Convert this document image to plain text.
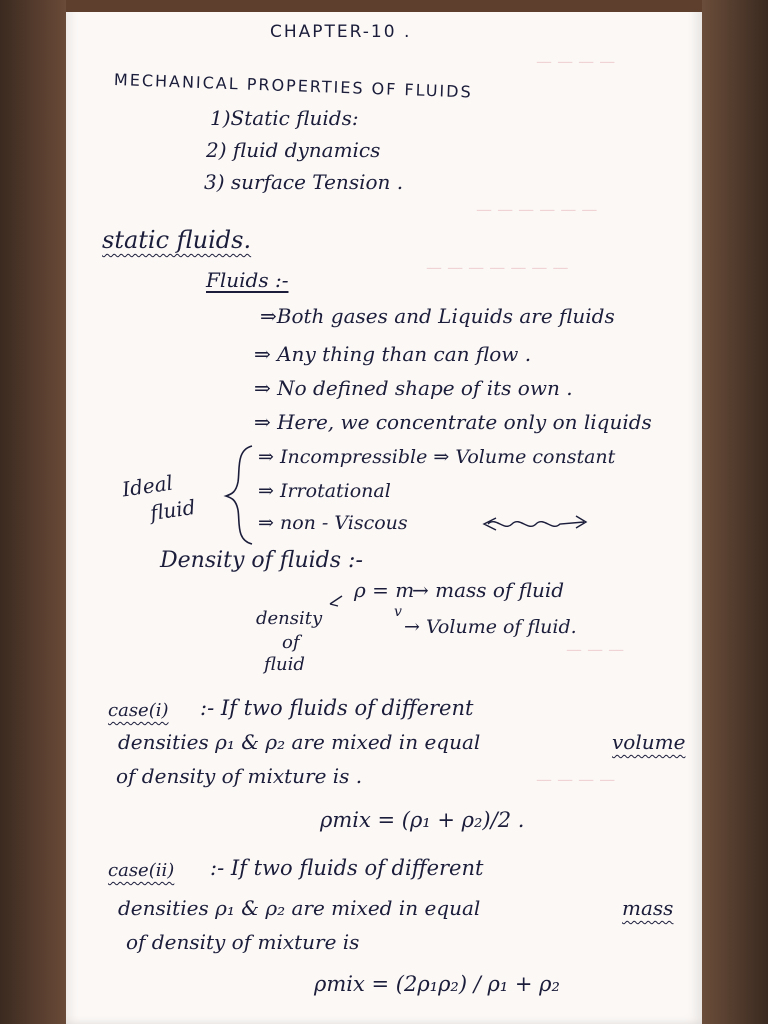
— — — —
— — — — — —
— — — — — — —
— — —
— — — —
CHAPTER-10 .
MECHANICAL PROPERTIES OF FLUIDS
1)Static fluids:
2) fluid dynamics
3) surface Tension .
static fluids.
Fluids :-
⇒Both gases and Liquids are fluids
⇒ Any thing than can flow .
⇒ No defined shape of its own .
⇒ Here, we concentrate only on liquids
Ideal
fluid
⇒ Incompressible ⇒ Volume constant
⇒ Irrotational
⇒ non - Viscous
Density of fluids :-
ρ = m
v
→ mass of fluid
→ Volume of fluid.
density
of
fluid
case(i) :- If two fluids of different
densities ρ₁ & ρ₂ are mixed in equal	volume
of density of mixture is .
ρmix = (ρ₁ + ρ₂)/2 .
case(ii) :- If two fluids of different
densities ρ₁ & ρ₂ are mixed in equal	mass
of density of mixture is
ρmix = (2ρ₁ρ₂) / ρ₁ + ρ₂
